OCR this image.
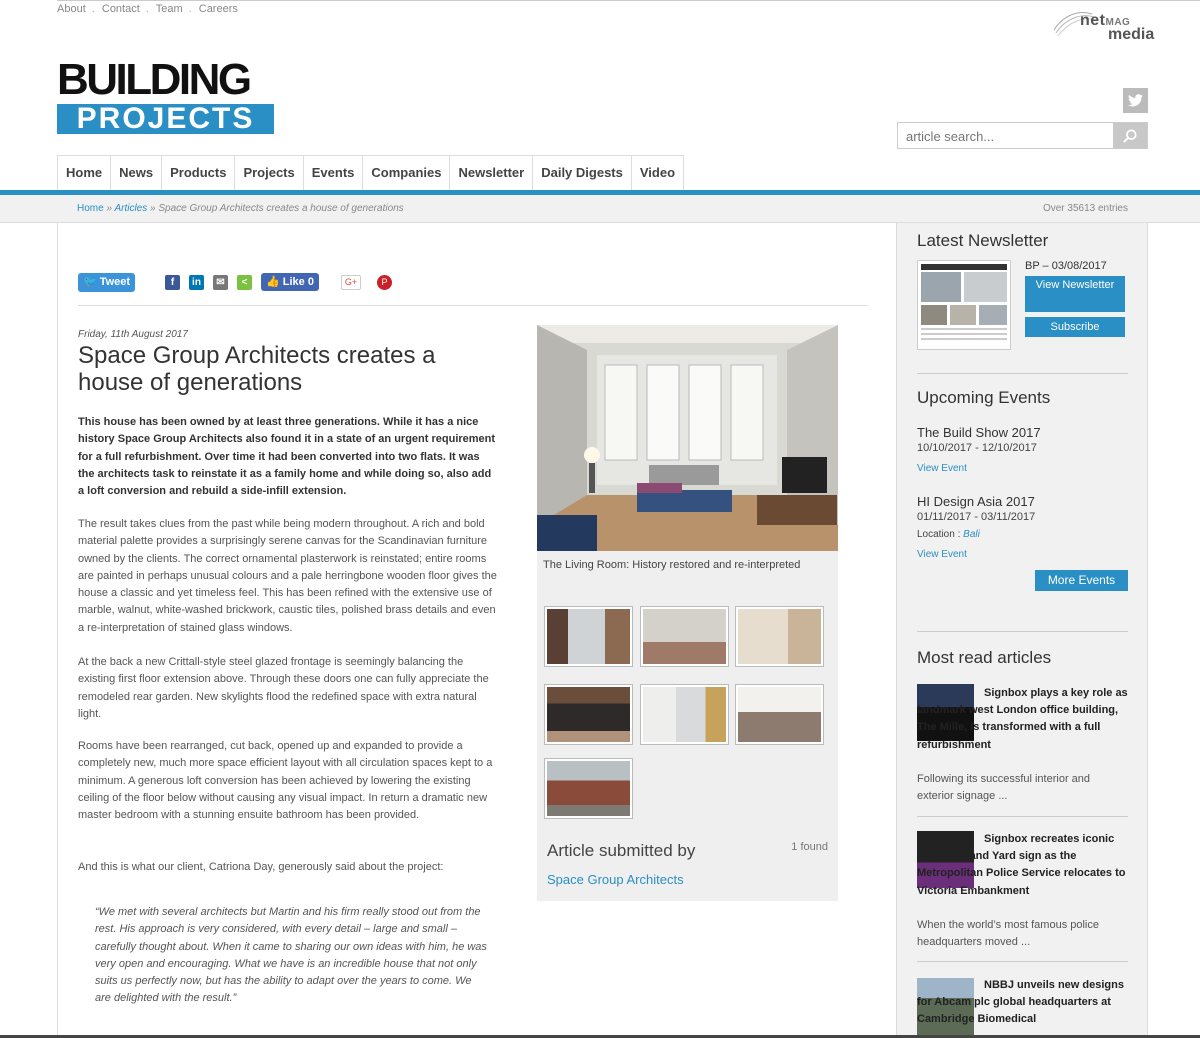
About . Contact . Team . Careers
netMAG
media
BUILDING
PROJECTS
article search...
Home	News	Products	Projects	Events	Companies	Newsletter	Daily Digests	Video
Home » Articles » Space Group Architects creates a house of generations	Over 35613 entries
🐦 Tweet	f	in	✉	<	👍 Like 0	G+	P
Friday, 11th August 2017
Space Group Architects creates a house of generations

This house has been owned by at least three generations. While it has a nice history Space Group Architects also found it in a state of an urgent requirement for a full refurbishment. Over time it had been converted into two flats. It was the architects task to reinstate it as a family home and while doing so, also add a loft conversion and rebuild a side-infill extension.

The result takes clues from the past while being modern throughout. A rich and bold material palette provides a surprisingly serene canvas for the Scandinavian furniture owned by the clients. The correct ornamental plasterwork is reinstated; entire rooms are painted in perhaps unusual colours and a pale herringbone wooden floor gives the house a classic and yet timeless feel. This has been refined with the extensive use of marble, walnut, white-washed brickwork, caustic tiles, polished brass details and even a re-interpretation of stained glass windows.

At the back a new Crittall-style steel glazed frontage is seemingly balancing the existing first floor extension above. Through these doors one can fully appreciate the remodeled rear garden. New skylights flood the redefined space with extra natural light.

Rooms have been rearranged, cut back, opened up and expanded to provide a completely new, much more space efficient layout with all circulation spaces kept to a minimum. A generous loft conversion has been achieved by lowering the existing ceiling of the floor below without causing any visual impact. In return a dramatic new master bedroom with a stunning ensuite bathroom has been provided.

And this is what our client, Catriona Day, generously said about the project:

“We met with several architects but Martin and his firm really stood out from the rest. His approach is very considered, with every detail – large and small – carefully thought about. When it came to sharing our own ideas with him, he was very open and encouraging. What we have is an incredible house that not only suits us perfectly now, but has the ability to adapt over the years to come. We are delighted with the result.”

The Living Room: History restored and re-interpreted
Article submitted by	1 found
Space Group Architects
Latest Newsletter
BP – 03/08/2017
View Newsletter
Subscribe
Upcoming Events
The Build Show 2017
10/10/2017 - 12/10/2017
View Event
HI Design Asia 2017
01/11/2017 - 03/11/2017
Location : Bali
View Event
More Events
Most read articles
Signbox plays a key role as landmark west London office building, The Mille, is transformed with a full refurbishment
Following its successful interior and exterior signage ...
Signbox recreates iconic New Scotland Yard sign as the Metropolitan Police Service relocates to Victoria Embankment
When the world’s most famous police headquarters moved ...
NBBJ unveils new designs for Abcam plc global headquarters at Cambridge Biomedical
